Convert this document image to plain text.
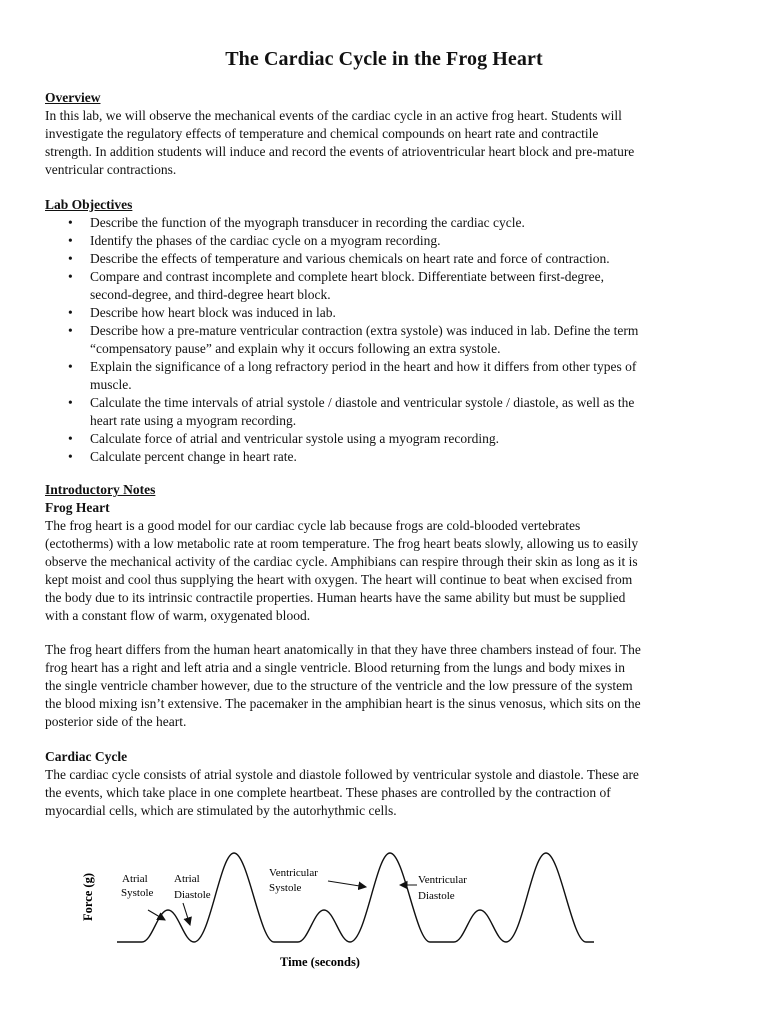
The Cardiac Cycle in the Frog Heart
Overview
In this lab, we will observe the mechanical events of the cardiac cycle in an active frog heart. Students will
investigate the regulatory effects of temperature and chemical compounds on heart rate and contractile
strength. In addition students will induce and record the events of atrioventricular heart block and pre-mature
ventricular contractions.
Lab Objectives
• Describe the function of the myograph transducer in recording the cardiac cycle.
• Identify the phases of the cardiac cycle on a myogram recording.
• Describe the effects of temperature and various chemicals on heart rate and force of contraction.
• Compare and contrast incomplete and complete heart block. Differentiate between first-degree,
second-degree, and third-degree heart block.
• Describe how heart block was induced in lab.
• Describe how a pre-mature ventricular contraction (extra systole) was induced in lab. Define the term
“compensatory pause” and explain why it occurs following an extra systole.
• Explain the significance of a long refractory period in the heart and how it differs from other types of
muscle.
• Calculate the time intervals of atrial systole / diastole and ventricular systole / diastole, as well as the
heart rate using a myogram recording.
• Calculate force of atrial and ventricular systole using a myogram recording.
• Calculate percent change in heart rate.
Introductory Notes
Frog Heart
The frog heart is a good model for our cardiac cycle lab because frogs are cold-blooded vertebrates
(ectotherms) with a low metabolic rate at room temperature. The frog heart beats slowly, allowing us to easily
observe the mechanical activity of the cardiac cycle. Amphibians can respire through their skin as long as it is
kept moist and cool thus supplying the heart with oxygen. The heart will continue to beat when excised from
the body due to its intrinsic contractile properties. Human hearts have the same ability but must be supplied
with a constant flow of warm, oxygenated blood.
The frog heart differs from the human heart anatomically in that they have three chambers instead of four. The
frog heart has a right and left atria and a single ventricle. Blood returning from the lungs and body mixes in
the single ventricle chamber however, due to the structure of the ventricle and the low pressure of the system
the blood mixing isn’t extensive. The pacemaker in the amphibian heart is the sinus venosus, which sits on the
posterior side of the heart.
Cardiac Cycle
The cardiac cycle consists of atrial systole and diastole followed by ventricular systole and diastole. These are
the events, which take place in one complete heartbeat. These phases are controlled by the contraction of
myocardial cells, which are stimulated by the autorhythmic cells.
Force (g)
Time (seconds)
Atrial
Systole
Atrial
Diastole
Ventricular
Systole
Ventricular
Diastole
